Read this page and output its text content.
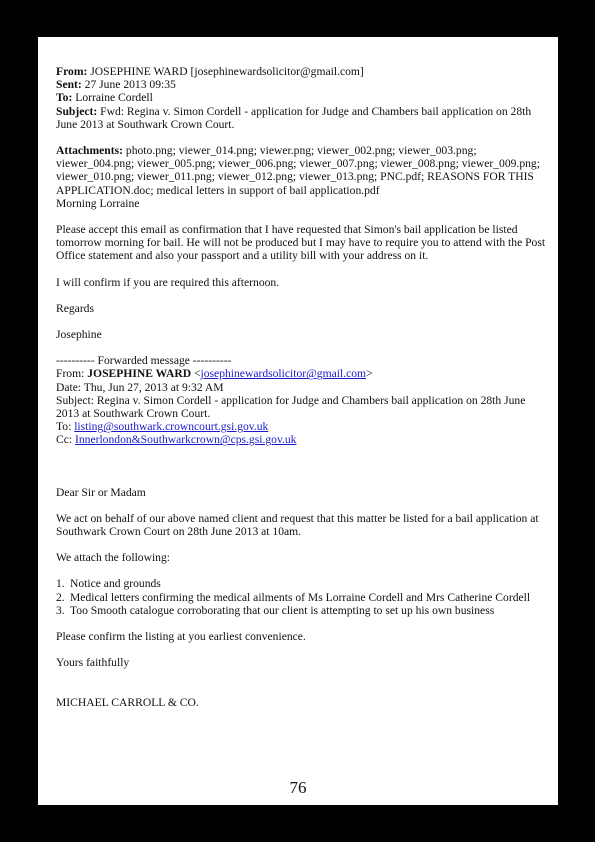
From: JOSEPHINE WARD [josephinewardsolicitor@gmail.com]

Sent: 27 June 2013 09:35

To: Lorraine Cordell

Subject: Fwd: Regina v. Simon Cordell - application for Judge and Chambers bail application on 28th June 2013 at Southwark Crown Court.

Attachments: photo.png; viewer_014.png; viewer.png; viewer_002.png; viewer_003.png; viewer_004.png; viewer_005.png; viewer_006.png; viewer_007.png; viewer_008.png; viewer_009.png; viewer_010.png; viewer_011.png; viewer_012.png; viewer_013.png; PNC.pdf; REASONS FOR THIS APPLICATION.doc; medical letters in support of bail application.pdf

Morning Lorraine

Please accept this email as confirmation that I have requested that Simon's bail application be listed tomorrow morning for bail. He will not be produced but I may have to require you to attend with the Post Office statement and also your passport and a utility bill with your address on it.

I will confirm if you are required this afternoon.

Regards

Josephine

---------- Forwarded message ----------

From: JOSEPHINE WARD <josephinewardsolicitor@gmail.com>

Date: Thu, Jun 27, 2013 at 9:32 AM

Subject: Regina v. Simon Cordell - application for Judge and Chambers bail application on 28th June 2013 at Southwark Crown Court.

To: listing@southwark.crowncourt.gsi.gov.uk

Cc: Innerlondon&Southwarkcrown@cps.gsi.gov.uk

Dear Sir or Madam

We act on behalf of our above named client and request that this matter be listed for a bail application at Southwark Crown Court on 28th June 2013 at 10am.

We attach the following:

1. Notice and grounds
2. Medical letters confirming the medical ailments of Ms Lorraine Cordell and Mrs Catherine Cordell
3. Too Smooth catalogue corroborating that our client is attempting to set up his own business

Please confirm the listing at you earliest convenience.

Yours faithfully

MICHAEL CARROLL & CO.

76
